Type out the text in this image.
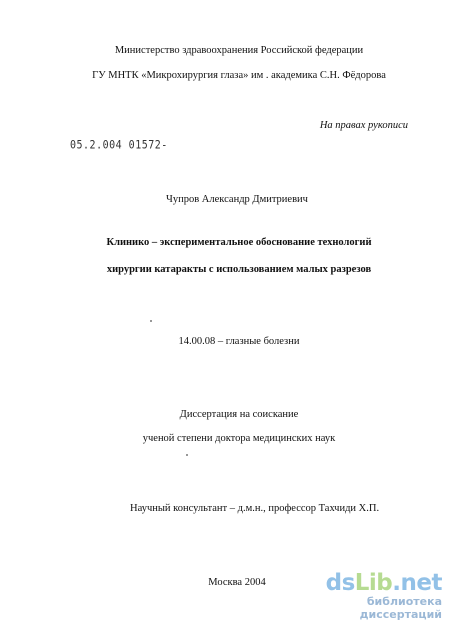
Министерство здравоохранения Российской федерации
ГУ МНТК «Микрохирургия глаза» им . академика С.Н. Фёдорова
На правах рукописи
05.2.004 01572-
Чупров Александр Дмитриевич
Клинико – экспериментальное обоснование технологий
хирургии катаракты с использованием малых разрезов
14.00.08 – глазные болезни
Диссертация на соискание
ученой степени доктора медицинских наук
Научный консультант – д.м.н., профессор Тахчиди Х.П.
Москва 2004	dsLib.net
библиотека диссертаций
